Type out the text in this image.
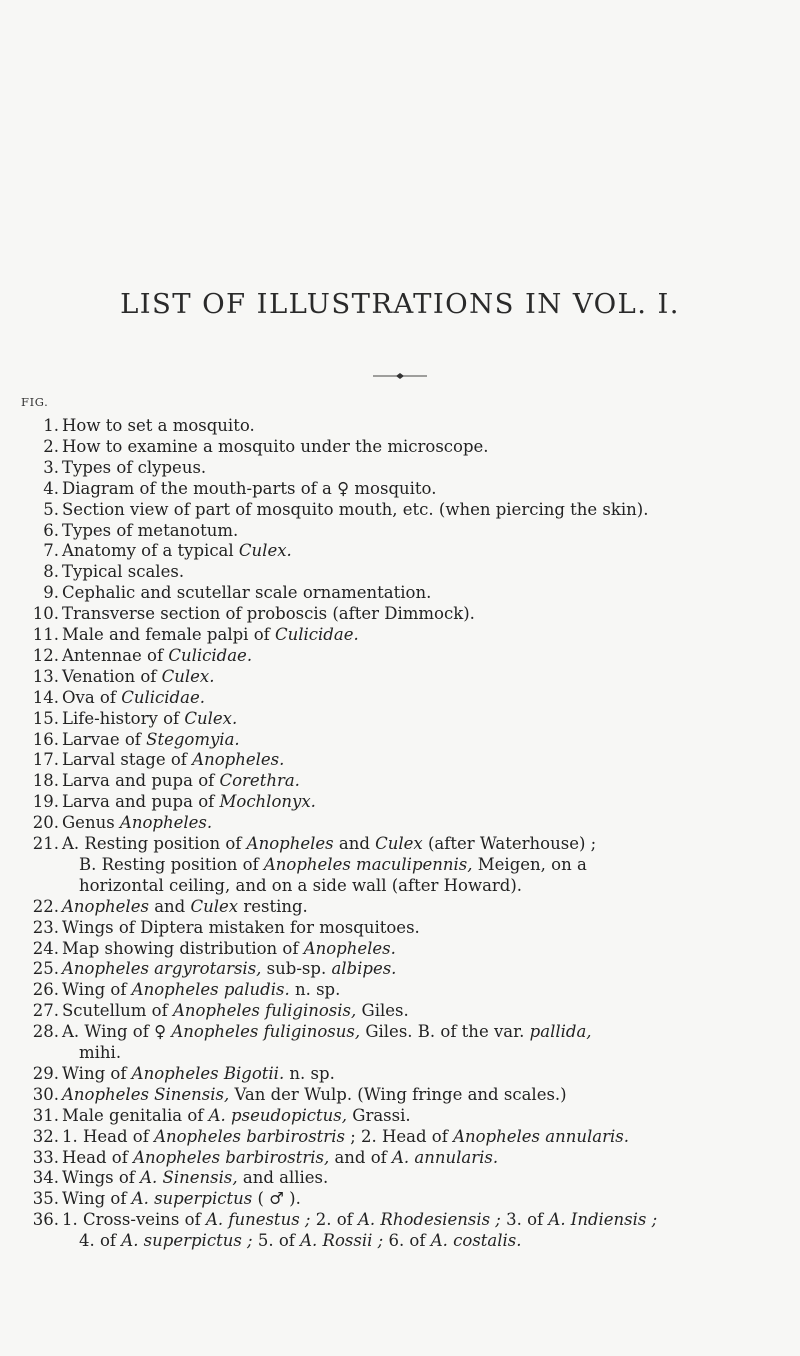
LIST OF ILLUSTRATIONS IN VOL. I.
FIG.
1. How to set a mosquito.
2. How to examine a mosquito under the microscope.
3. Types of clypeus.
4. Diagram of the mouth-parts of a ♀ mosquito.
5. Section view of part of mosquito mouth, etc. (when piercing the skin).
6. Types of metanotum.
7. Anatomy of a typical Culex.
8. Typical scales.
9. Cephalic and scutellar scale ornamentation.
10. Transverse section of proboscis (after Dimmock).
11. Male and female palpi of Culicidae.
12. Antennae of Culicidae.
13. Venation of Culex.
14. Ova of Culicidae.
15. Life-history of Culex.
16. Larvae of Stegomyia.
17. Larval stage of Anopheles.
18. Larva and pupa of Corethra.
19. Larva and pupa of Mochlonyx.
20. Genus Anopheles.
21. A. Resting position of Anopheles and Culex (after Waterhouse) ;
B. Resting position of Anopheles maculipennis, Meigen, on a
horizontal ceiling, and on a side wall (after Howard).
22. Anopheles and Culex resting.
23. Wings of Diptera mistaken for mosquitoes.
24. Map showing distribution of Anopheles.
25. Anopheles argyrotarsis, sub-sp. albipes.
26. Wing of Anopheles paludis. n. sp.
27. Scutellum of Anopheles fuliginosis, Giles.
28. A. Wing of ♀ Anopheles fuliginosus, Giles. B. of the var. pallida,
mihi.
29. Wing of Anopheles Bigotii. n. sp.
30. Anopheles Sinensis, Van der Wulp. (Wing fringe and scales.)
31. Male genitalia of A. pseudopictus, Grassi.
32. 1. Head of Anopheles barbirostris ; 2. Head of Anopheles annularis.
33. Head of Anopheles barbirostris, and of A. annularis.
34. Wings of A. Sinensis, and allies.
35. Wing of A. superpictus ( ♂ ).
36. 1. Cross-veins of A. funestus ; 2. of A. Rhodesiensis ; 3. of A. Indiensis ;
4. of A. superpictus ; 5. of A. Rossii ; 6. of A. costalis.
